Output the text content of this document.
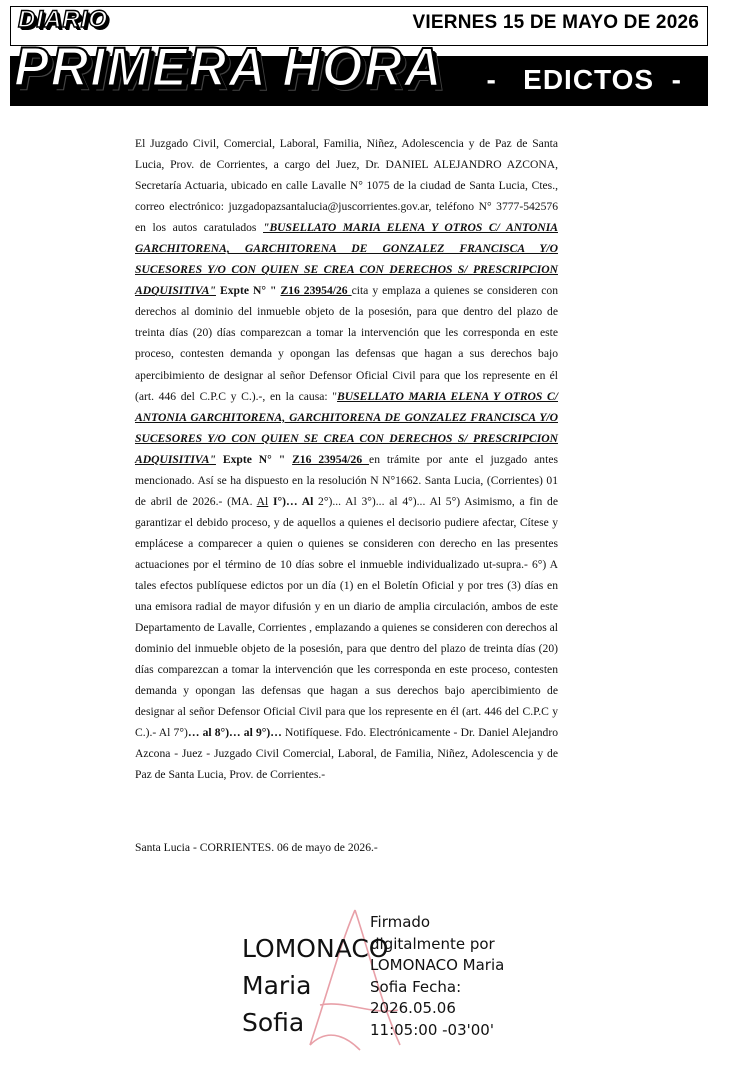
VIERNES 15 DE MAYO DE 2026
-   EDICTOS  -
DIARIO
PRIMERA HORA

El Juzgado Civil, Comercial, Laboral, Familia, Niñez, Adolescencia y de Paz de Santa Lucia, Prov. de Corrientes, a cargo del Juez, Dr. DANIEL ALEJANDRO AZCONA, Secretaría Actuaria, ubicado en calle Lavalle N° 1075 de la ciudad de Santa Lucia, Ctes., correo electrónico: juzgadopazsantalucia@juscorrientes.gov.ar, teléfono N° 3777-542576 en los autos caratulados "BUSELLATO MARIA ELENA Y OTROS C/ ANTONIA GARCHITORENA, GARCHITORENA DE GONZALEZ FRANCISCA Y/O SUCESORES Y/O CON QUIEN SE CREA CON DERECHOS S/ PRESCRIPCION ADQUISITIVA" Expte N° " Z16 23954/26 cita y emplaza a quienes se consideren con derechos al dominio del inmueble objeto de la posesión, para que dentro del plazo de treinta días (20) días comparezcan a tomar la intervención que les corresponda en este proceso, contesten demanda y opongan las defensas que hagan a sus derechos bajo apercibimiento de designar al señor Defensor Oficial Civil para que los represente en él (art. 446 del C.P.C y C.).-, en la causa: "BUSELLATO MARIA ELENA Y OTROS C/ ANTONIA GARCHITORENA, GARCHITORENA DE GONZALEZ FRANCISCA Y/O SUCESORES Y/O CON QUIEN SE CREA CON DERECHOS S/ PRESCRIPCION ADQUISITIVA" Expte N° " Z16 23954/26 en trámite por ante el juzgado antes mencionado. Así se ha dispuesto en la resolución N N°1662. Santa Lucia, (Corrientes) 01 de abril de 2026.- (MA. Al I°)… Al 2°)... Al 3°)... al 4°)... Al 5°) Asimismo, a fin de garantizar el debido proceso, y de aquellos a quienes el decisorio pudiere afectar, Cítese y emplácese a comparecer a quien o quienes se consideren con derecho en las presentes actuaciones por el término de 10 días sobre el inmueble individualizado ut-supra.- 6°) A tales efectos publíquese edictos por un día (1) en el Boletín Oficial y por tres (3) días en una emisora radial de mayor difusión y en un diario de amplia circulación, ambos de este Departamento de Lavalle, Corrientes , emplazando a quienes se consideren con derechos al dominio del inmueble objeto de la posesión, para que dentro del plazo de treinta días (20) días comparezcan a tomar la intervención que les corresponda en este proceso, contesten demanda y opongan las defensas que hagan a sus derechos bajo apercibimiento de designar al señor Defensor Oficial Civil para que los represente en él (art. 446 del C.P.C y C.).- Al 7°)… al 8°)… al 9°)… Notifíquese. Fdo. Electrónicamente - Dr. Daniel Alejandro Azcona - Juez - Juzgado Civil Comercial, Laboral, de Familia, Niñez, Adolescencia y de Paz de Santa Lucia, Prov. de Corrientes.-

Santa Lucia - CORRIENTES. 06 de mayo de 2026.-
LOMONACO Maria Sofia
Firmado digitalmente por LOMONACO Maria Sofia Fecha: 2026.05.06 11:05:00 -03'00'
